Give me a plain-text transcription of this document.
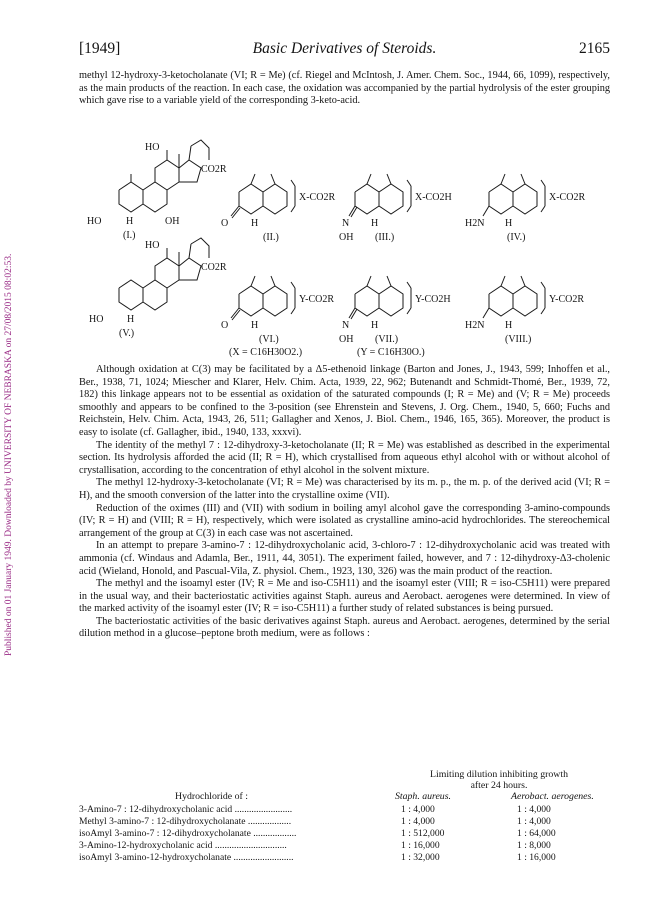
Published on 01 January 1949. Downloaded by UNIVERSITY OF NEBRASKA on 27/08/2015 08:02:53.
[1949]	Basic Derivatives of Steroids.	2165

methyl 12-hydroxy-3-ketocholanate (VI; R = Me) (cf. Riegel and McIntosh, J. Amer. Chem. Soc., 1944, 66, 1099), respectively, as the main products of the reaction. In each case, the oxidation was accompanied by the partial hydrolysis of the ester grouping which gave rise to a variable yield of the corresponding 3-keto-acid.

HO
CO2R
HO H	OH
(I.)
X-CO2R
O H
(II.)
X-CO2H
N H
OH (III.)
X-CO2R
H2N H
(IV.)
HO
CO2R
HO H
(V.)
Y-CO2R
O H
(VI.)
(X = C16H30O2.)
Y-CO2H
N H
OH (VII.)
(Y = C16H30O.)
Y-CO2R
H2N H
(VIII.)

Although oxidation at C(3) may be facilitated by a Δ5-ethenoid linkage (Barton and Jones, J., 1943, 599; Inhoffen et al., Ber., 1938, 71, 1024; Miescher and Klarer, Helv. Chim. Acta, 1939, 22, 962; Butenandt and Schmidt-Thomé, Ber., 1939, 72, 182) this linkage appears not to be essential as oxidation of the saturated compounds (I; R = Me) and (V; R = Me) proceeds smoothly and appears to be confined to the 3-position (see Ehrenstein and Stevens, J. Org. Chem., 1940, 5, 660; Fuchs and Reichstein, Helv. Chim. Acta, 1943, 26, 511; Gallagher and Xenos, J. Biol. Chem., 1946, 165, 365). Moreover, the product is easy to isolate (cf. Gallagher, ibid., 1940, 133, xxxvi).

The identity of the methyl 7 : 12-dihydroxy-3-ketocholanate (II; R = Me) was established as described in the experimental section. Its hydrolysis afforded the acid (II; R = H), which crystallised from aqueous ethyl alcohol with or without alcohol of crystallisation, according to the concentration of ethyl alcohol in the solvent mixture.

The methyl 12-hydroxy-3-ketocholanate (VI; R = Me) was characterised by its m. p., the m. p. of the derived acid (VI; R = H), and the smooth conversion of the latter into the crystalline oxime (VII).

Reduction of the oximes (III) and (VII) with sodium in boiling amyl alcohol gave the corresponding 3-amino-compounds (IV; R = H) and (VIII; R = H), respectively, which were isolated as crystalline amino-acid hydrochlorides. The stereochemical arrangement of the group at C(3) in each case was not ascertained.

In an attempt to prepare 3-amino-7 : 12-dihydroxycholanic acid, 3-chloro-7 : 12-dihydroxycholanic acid was treated with ammonia (cf. Windaus and Adamla, Ber., 1911, 44, 3051). The experiment failed, however, and 7 : 12-dihydroxy-Δ3-cholenic acid (Wieland, Honold, and Pascual-Vila, Z. physiol. Chem., 1923, 130, 326) was the main product of the reaction.

The methyl and the isoamyl ester (IV; R = Me and iso-C5H11) and the isoamyl ester (VIII; R = iso-C5H11) were prepared in the usual way, and their bacteriostatic activities against Staph. aureus and Aerobact. aerogenes were determined. In view of the marked activity of the isoamyl ester (IV; R = iso-C5H11) a further study of related substances is being pursued.

The bacteriostatic activities of the basic derivatives against Staph. aureus and Aerobact. aerogenes, determined by the serial dilution method in a glucose–peptone broth medium, were as follows :

Limiting dilution inhibiting growth
after 24 hours.
Hydrochloride of :	Staph. aureus.	Aerobact. aerogenes.
3-Amino-7 : 12-dihydroxycholanic acid ........................	1 : 4,000	1 : 4,000
Methyl 3-amino-7 : 12-dihydroxycholanate ..................	1 : 4,000	1 : 4,000
isoAmyl 3-amino-7 : 12-dihydroxycholanate ..................	1 : 512,000	1 : 64,000
3-Amino-12-hydroxycholanic acid ..............................	1 : 16,000	1 : 8,000
isoAmyl 3-amino-12-hydroxycholanate .........................	1 : 32,000	1 : 16,000
